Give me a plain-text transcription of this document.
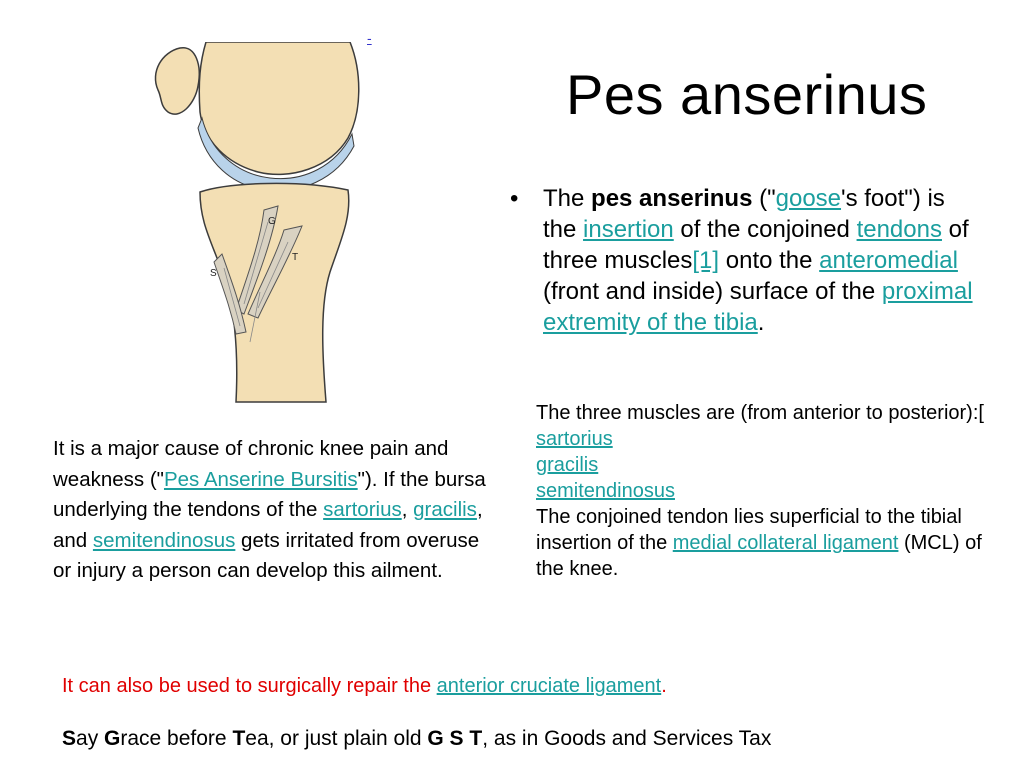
-
G
T
S
Pes anserinus
• The pes anserinus ("goose's foot") is the insertion of the conjoined tendons of three muscles[1] onto the anteromedial (front and inside) surface of the proximal extremity of the tibia.
The three muscles are (from anterior to posterior):[
sartorius
gracilis
semitendinosus
The conjoined tendon lies superficial to the tibial insertion of the medial collateral ligament (MCL) of the knee.
It is a major cause of chronic knee pain and weakness ("Pes Anserine Bursitis"). If the bursa underlying the tendons of the sartorius, gracilis, and semitendinosus gets irritated from overuse or injury a person can develop this ailment.
It can also be used to surgically repair the anterior cruciate ligament.
Say Grace before Tea, or just plain old G S T, as in Goods and Services Tax
